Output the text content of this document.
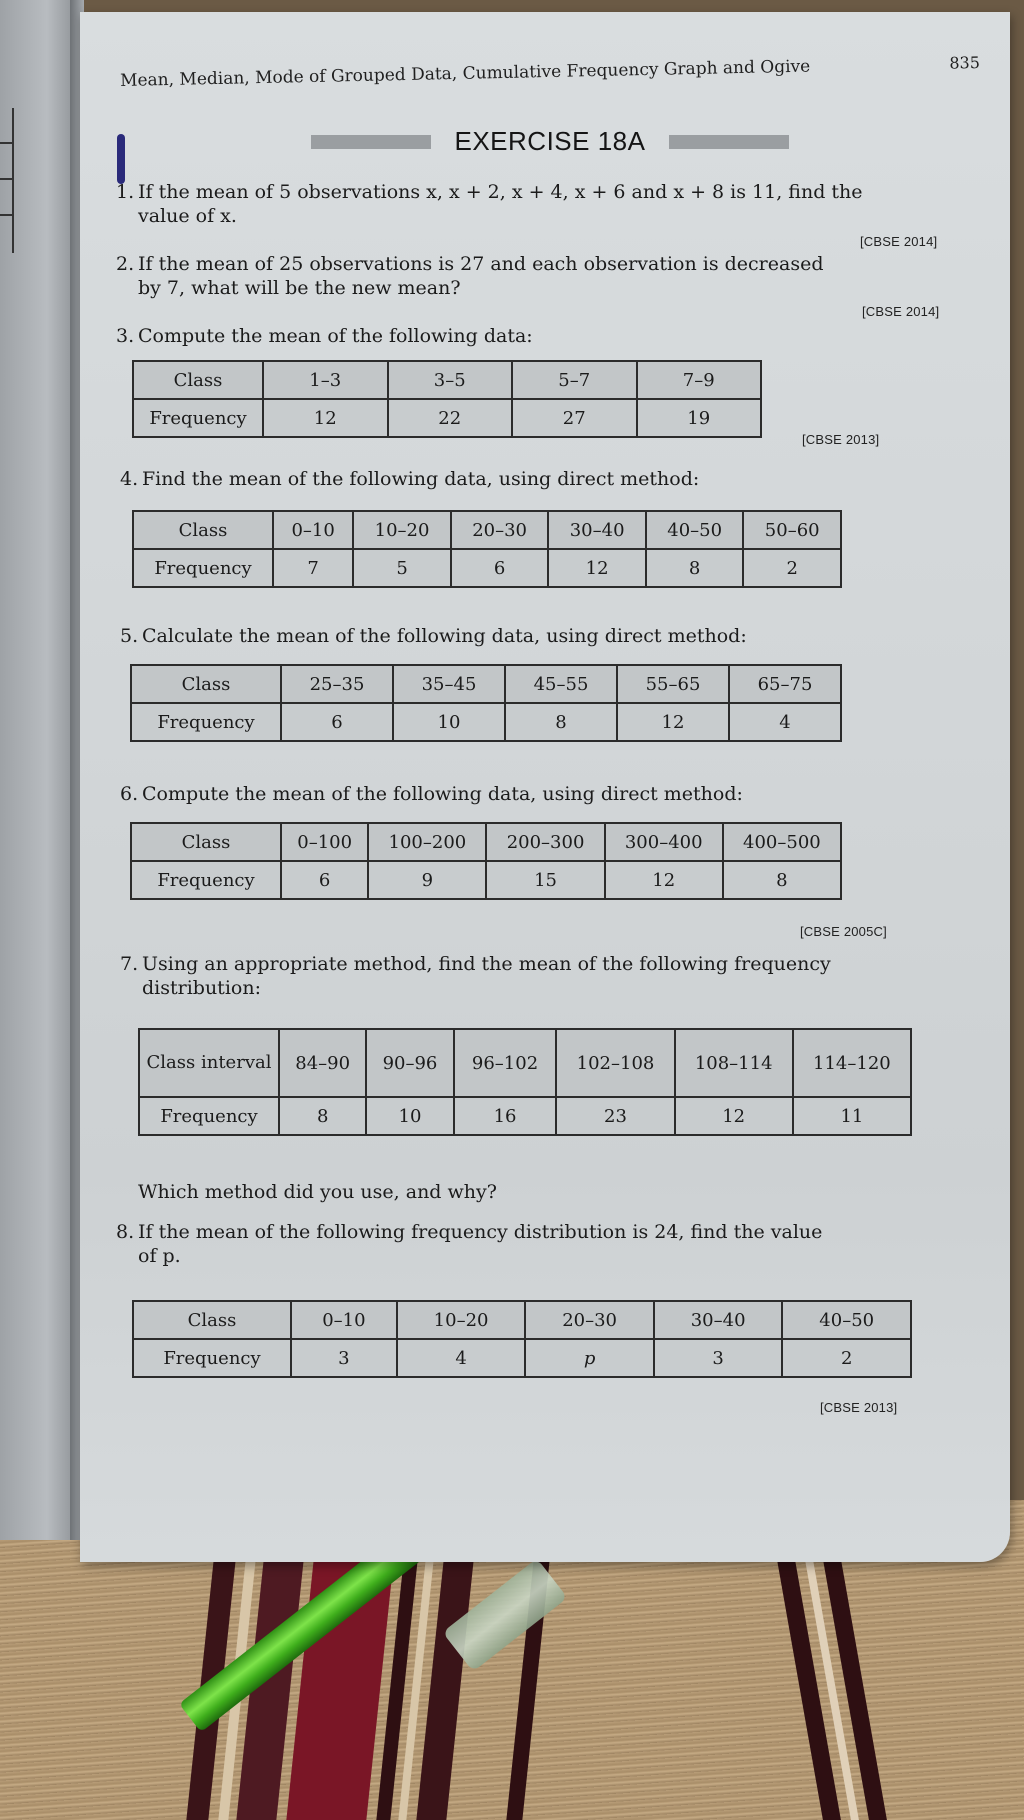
Mean, Median, Mode of Grouped Data, Cumulative Frequency Graph and Ogive	835
EXERCISE 18A
1. If the mean of 5 observations x, x + 2, x + 4, x + 6 and x + 8 is 11, find the
value of x.
[CBSE 2014]
2. If the mean of 25 observations is 27 and each observation is decreased
by 7, what will be the new mean?
[CBSE 2014]
3. Compute the mean of the following data:
Class	1–3	3–5	5–7	7–9
Frequency	12	22	27	19
[CBSE 2013]
4. Find the mean of the following data, using direct method:
Class	0–10	10–20	20–30	30–40	40–50	50–60
Frequency	7	5	6	12	8	2
5. Calculate the mean of the following data, using direct method:
Class	25–35	35–45	45–55	55–65	65–75
Frequency	6	10	8	12	4
6. Compute the mean of the following data, using direct method:
Class	0–100	100–200	200–300	300–400	400–500
Frequency	6	9	15	12	8
[CBSE 2005C]
7. Using an appropriate method, find the mean of the following frequency
distribution:
Class interval	84–90	90–96	96–102	102–108	108–114	114–120
Frequency	8	10	16	23	12	11
Which method did you use, and why?
8. If the mean of the following frequency distribution is 24, find the value
of p.
Class	0–10	10–20	20–30	30–40	40–50
Frequency	3	4	p	3	2
[CBSE 2013]
